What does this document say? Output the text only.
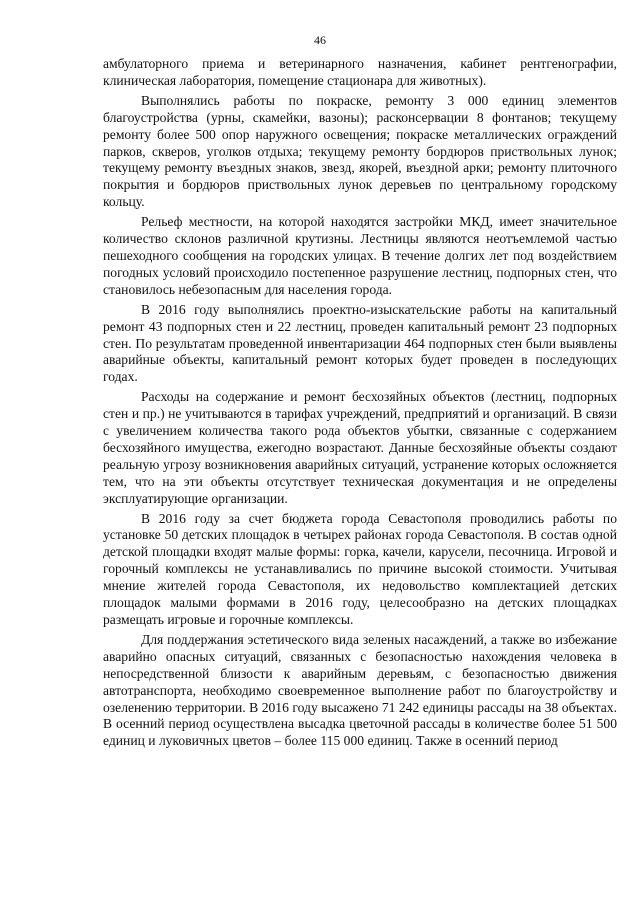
46

амбулаторного приема и ветеринарного назначения, кабинет рентгенографии, клиническая лаборатория, помещение стационара для животных).

Выполнялись работы по покраске, ремонту 3 000 единиц элементов благоустройства (урны, скамейки, вазоны); расконсервации 8 фонтанов; текущему ремонту более 500 опор наружного освещения; покраске металлических ограждений парков, скверов, уголков отдыха; текущему ремонту бордюров приствольных лунок; текущему ремонту въездных знаков, звезд, якорей, въездной арки; ремонту плиточного покрытия и бордюров приствольных лунок деревьев по центральному городскому кольцу.

Рельеф местности, на которой находятся застройки МКД, имеет значительное количество склонов различной крутизны. Лестницы являются неотъемлемой частью пешеходного сообщения на городских улицах. В течение долгих лет под воздействием погодных условий происходило постепенное разрушение лестниц, подпорных стен, что становилось небезопасным для населения города.

В 2016 году выполнялись проектно-изыскательские работы на капитальный ремонт 43 подпорных стен и 22 лестниц, проведен капитальный ремонт 23 подпорных стен. По результатам проведенной инвентаризации 464 подпорных стен были выявлены аварийные объекты, капитальный ремонт которых будет проведен в последующих годах.

Расходы на содержание и ремонт бесхозяйных объектов (лестниц, подпорных стен и пр.) не учитываются в тарифах учреждений, предприятий и организаций. В связи с увеличением количества такого рода объектов убытки, связанные с содержанием бесхозяйного имущества, ежегодно возрастают. Данные бесхозяйные объекты создают реальную угрозу возникновения аварийных ситуаций, устранение которых осложняется тем, что на эти объекты отсутствует техническая документация и не определены эксплуатирующие организации.

В 2016 году за счет бюджета города Севастополя проводились работы по установке 50 детских площадок в четырех районах города Севастополя. В состав одной детской площадки входят малые формы: горка, качели, карусели, песочница. Игровой и горочный комплексы не устанавливались по причине высокой стоимости. Учитывая мнение жителей города Севастополя, их недовольство комплектацией детских площадок малыми формами в 2016 году, целесообразно на детских площадках размещать игровые и горочные комплексы.

Для поддержания эстетического вида зеленых насаждений, а также во избежание аварийно опасных ситуаций, связанных с безопасностью нахождения человека в непосредственной близости к аварийным деревьям, с безопасностью движения автотранспорта, необходимо своевременное выполнение работ по благоустройству и озеленению территории. В 2016 году высажено 71 242 единицы рассады на 38 объектах. В осенний период осуществлена высадка цветочной рассады в количестве более 51 500 единиц и луковичных цветов – более 115 000 единиц. Также в осенний период
